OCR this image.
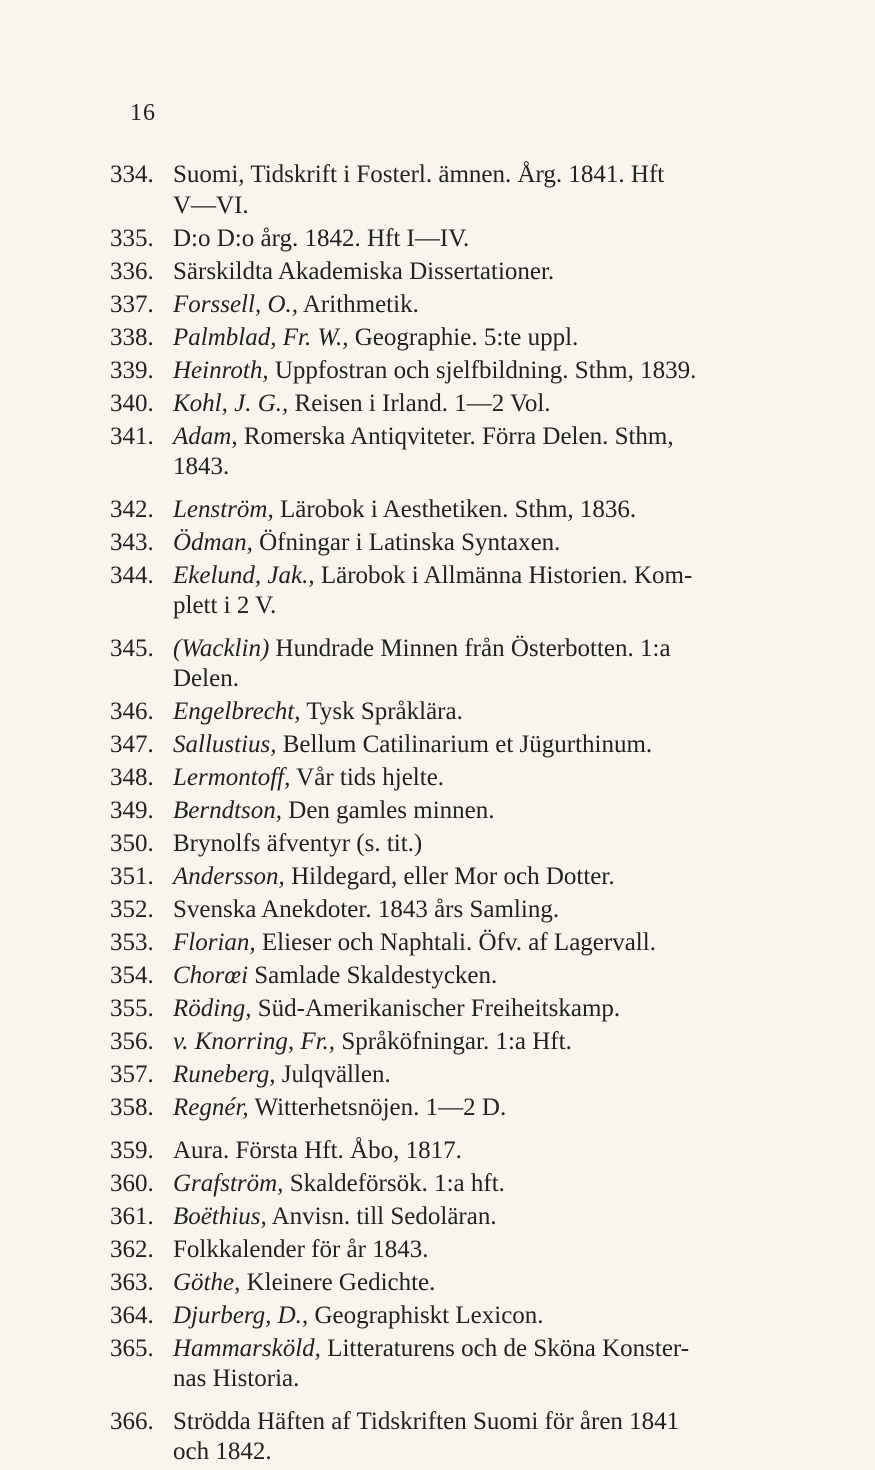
16
334. Suomi, Tidskrift i Fosterl. ämnen. Årg. 1841. Hft
V—VI.
335. D:o D:o årg. 1842. Hft I—IV.
336. Särskildta Akademiska Dissertationer.
337. Forssell, O., Arithmetik.
338. Palmblad, Fr. W., Geographie. 5:te uppl.
339. Heinroth, Uppfostran och sjelfbildning. Sthm, 1839.
340. Kohl, J. G., Reisen i Irland. 1—2 Vol.
341. Adam, Romerska Antiqviteter. Förra Delen. Sthm,
1843.
342. Lenström, Lärobok i Aesthetiken. Sthm, 1836.
343. Ödman, Öfningar i Latinska Syntaxen.
344. Ekelund, Jak., Lärobok i Allmänna Historien. Kom-
plett i 2 V.
345. (Wacklin) Hundrade Minnen från Österbotten. 1:a
Delen.
346. Engelbrecht, Tysk Språklära.
347. Sallustius, Bellum Catilinarium et Jügurthinum.
348. Lermontoff, Vår tids hjelte.
349. Berndtson, Den gamles minnen.
350. Brynolfs äfventyr (s. tit.)
351. Andersson, Hildegard, eller Mor och Dotter.
352. Svenska Anekdoter. 1843 års Samling.
353. Florian, Elieser och Naphtali. Öfv. af Lagervall.
354. Chorœi Samlade Skaldestycken.
355. Röding, Süd-Amerikanischer Freiheitskamp.
356. v. Knorring, Fr., Språköfningar. 1:a Hft.
357. Runeberg, Julqvällen.
358. Regnér, Witterhetsnöjen. 1—2 D.
359. Aura. Första Hft. Åbo, 1817.
360. Grafström, Skaldeförsök. 1:a hft.
361. Boëthius, Anvisn. till Sedoläran.
362. Folkkalender för år 1843.
363. Göthe, Kleinere Gedichte.
364. Djurberg, D., Geographiskt Lexicon.
365. Hammarsköld, Litteraturens och de Sköna Konster-
nas Historia.
366. Strödda Häften af Tidskriften Suomi för åren 1841
och 1842.
